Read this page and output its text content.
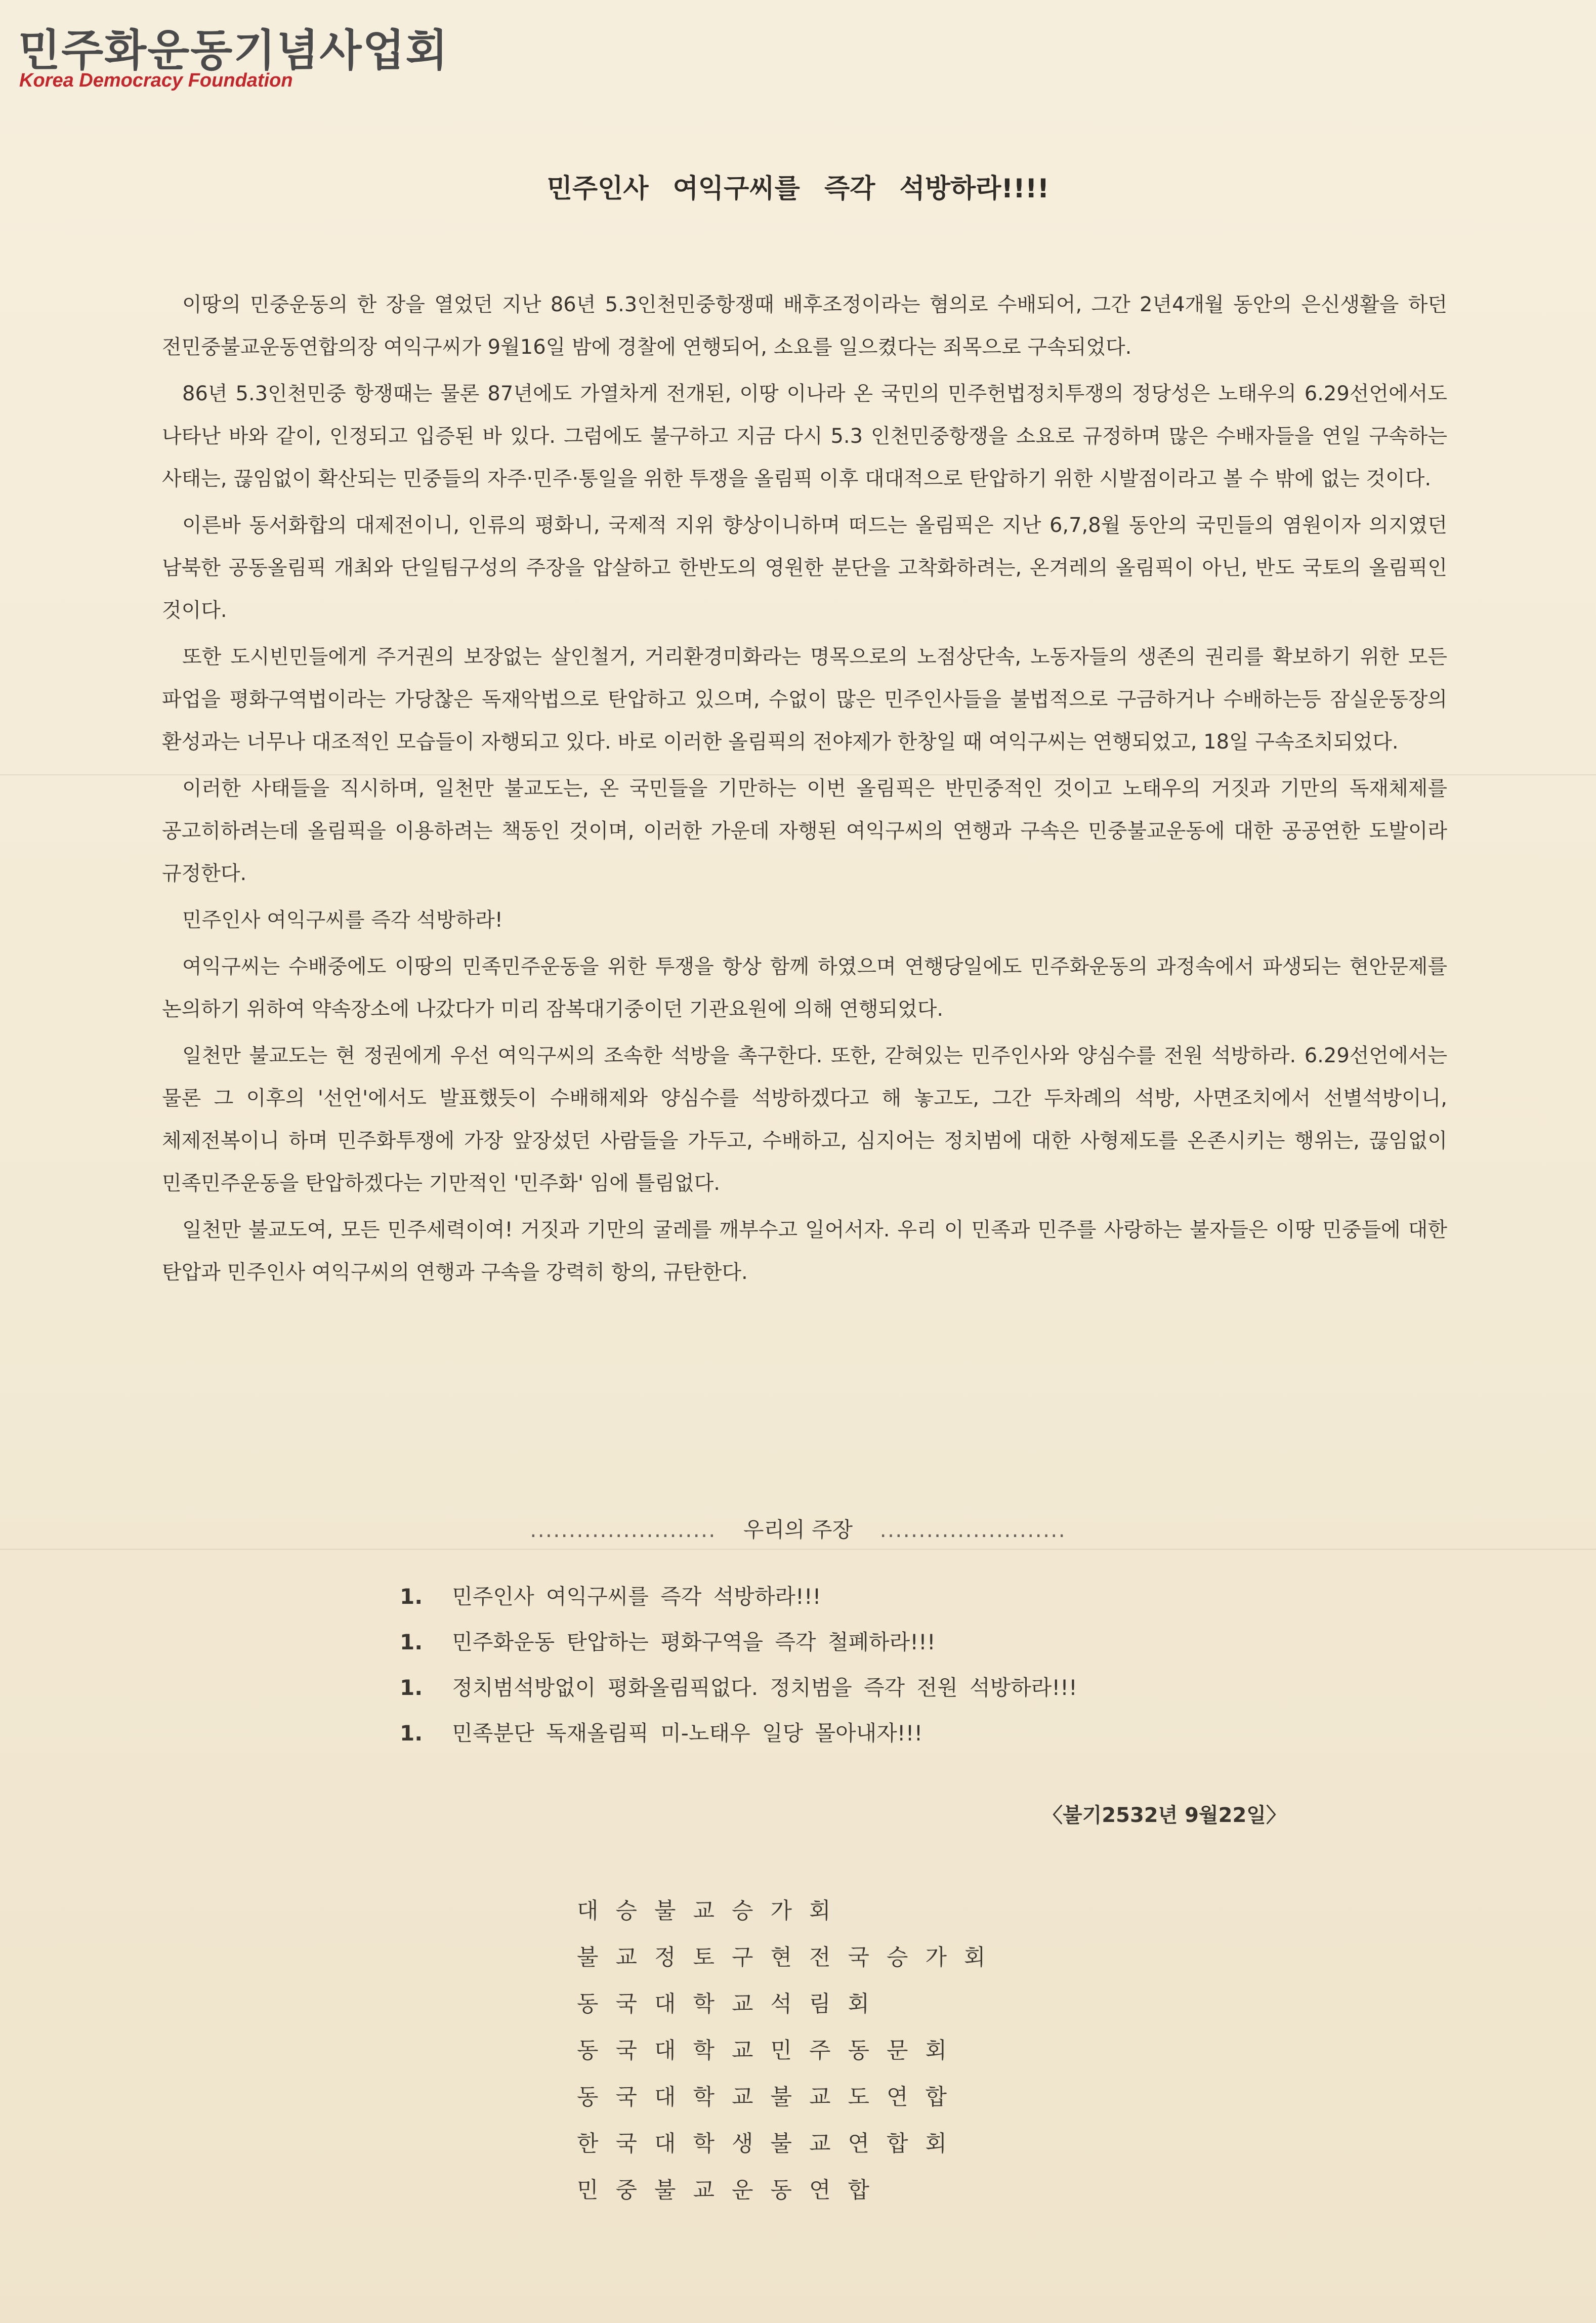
민주화운동기념사업회
Korea Democracy Foundation
민주인사 여익구씨를 즉각 석방하라!!!!

이땅의 민중운동의 한 장을 열었던 지난 86년 5.3인천민중항쟁때 배후조정이라는 혐의로 수배되어, 그간 2년4개월 동안의 은신생활을 하던 전민중불교운동연합의장 여익구씨가 9월16일 밤에 경찰에 연행되어, 소요를 일으켰다는 죄목으로 구속되었다.

86년 5.3인천민중 항쟁때는 물론 87년에도 가열차게 전개된, 이땅 이나라 온 국민의 민주헌법정치투쟁의 정당성은 노태우의 6.29선언에서도 나타난 바와 같이, 인정되고 입증된 바 있다. 그럼에도 불구하고 지금 다시 5.3 인천민중항쟁을 소요로 규정하며 많은 수배자들을 연일 구속하는 사태는, 끊임없이 확산되는 민중들의 자주·민주·통일을 위한 투쟁을 올림픽 이후 대대적으로 탄압하기 위한 시발점이라고 볼 수 밖에 없는 것이다.

이른바 동서화합의 대제전이니, 인류의 평화니, 국제적 지위 향상이니하며 떠드는 올림픽은 지난 6,7,8월 동안의 국민들의 염원이자 의지였던 남북한 공동올림픽 개최와 단일팀구성의 주장을 압살하고 한반도의 영원한 분단을 고착화하려는, 온겨레의 올림픽이 아닌, 반도 국토의 올림픽인 것이다.

또한 도시빈민들에게 주거권의 보장없는 살인철거, 거리환경미화라는 명목으로의 노점상단속, 노동자들의 생존의 권리를 확보하기 위한 모든 파업을 평화구역법이라는 가당찮은 독재악법으로 탄압하고 있으며, 수없이 많은 민주인사들을 불법적으로 구금하거나 수배하는등 잠실운동장의 환성과는 너무나 대조적인 모습들이 자행되고 있다. 바로 이러한 올림픽의 전야제가 한창일 때 여익구씨는 연행되었고, 18일 구속조치되었다.

이러한 사태들을 직시하며, 일천만 불교도는, 온 국민들을 기만하는 이번 올림픽은 반민중적인 것이고 노태우의 거짓과 기만의 독재체제를 공고히하려는데 올림픽을 이용하려는 책동인 것이며, 이러한 가운데 자행된 여익구씨의 연행과 구속은 민중불교운동에 대한 공공연한 도발이라 규정한다.

민주인사 여익구씨를 즉각 석방하라!

여익구씨는 수배중에도 이땅의 민족민주운동을 위한 투쟁을 항상 함께 하였으며 연행당일에도 민주화운동의 과정속에서 파생되는 현안문제를 논의하기 위하여 약속장소에 나갔다가 미리 잠복대기중이던 기관요원에 의해 연행되었다.

일천만 불교도는 현 정권에게 우선 여익구씨의 조속한 석방을 촉구한다. 또한, 갇혀있는 민주인사와 양심수를 전원 석방하라. 6.29선언에서는 물론 그 이후의 '선언'에서도 발표했듯이 수배해제와 양심수를 석방하겠다고 해 놓고도, 그간 두차례의 석방, 사면조치에서 선별석방이니, 체제전복이니 하며 민주화투쟁에 가장 앞장섰던 사람들을 가두고, 수배하고, 심지어는 정치범에 대한 사형제도를 온존시키는 행위는, 끊임없이 민족민주운동을 탄압하겠다는 기만적인 '민주화' 임에 틀림없다.

일천만 불교도여, 모든 민주세력이여! 거짓과 기만의 굴레를 깨부수고 일어서자. 우리 이 민족과 민주를 사랑하는 불자들은 이땅 민중들에 대한 탄압과 민주인사 여익구씨의 연행과 구속을 강력히 항의, 규탄한다.

........................ 우리의 주장 ........................
1. 민주인사 여익구씨를 즉각 석방하라!!!
1. 민주화운동 탄압하는 평화구역을 즉각 철폐하라!!!
1. 정치범석방없이 평화올림픽없다. 정치범을 즉각 전원 석방하라!!!
1. 민족분단 독재올림픽 미-노태우 일당 몰아내자!!!
〈불기2532년 9월22일〉
대승불교승가회
불교정토구현전국승가회
동국대학교석림회
동국대학교민주동문회
동국대학교불교도연합
한국대학생불교연합회
민중불교운동연합
